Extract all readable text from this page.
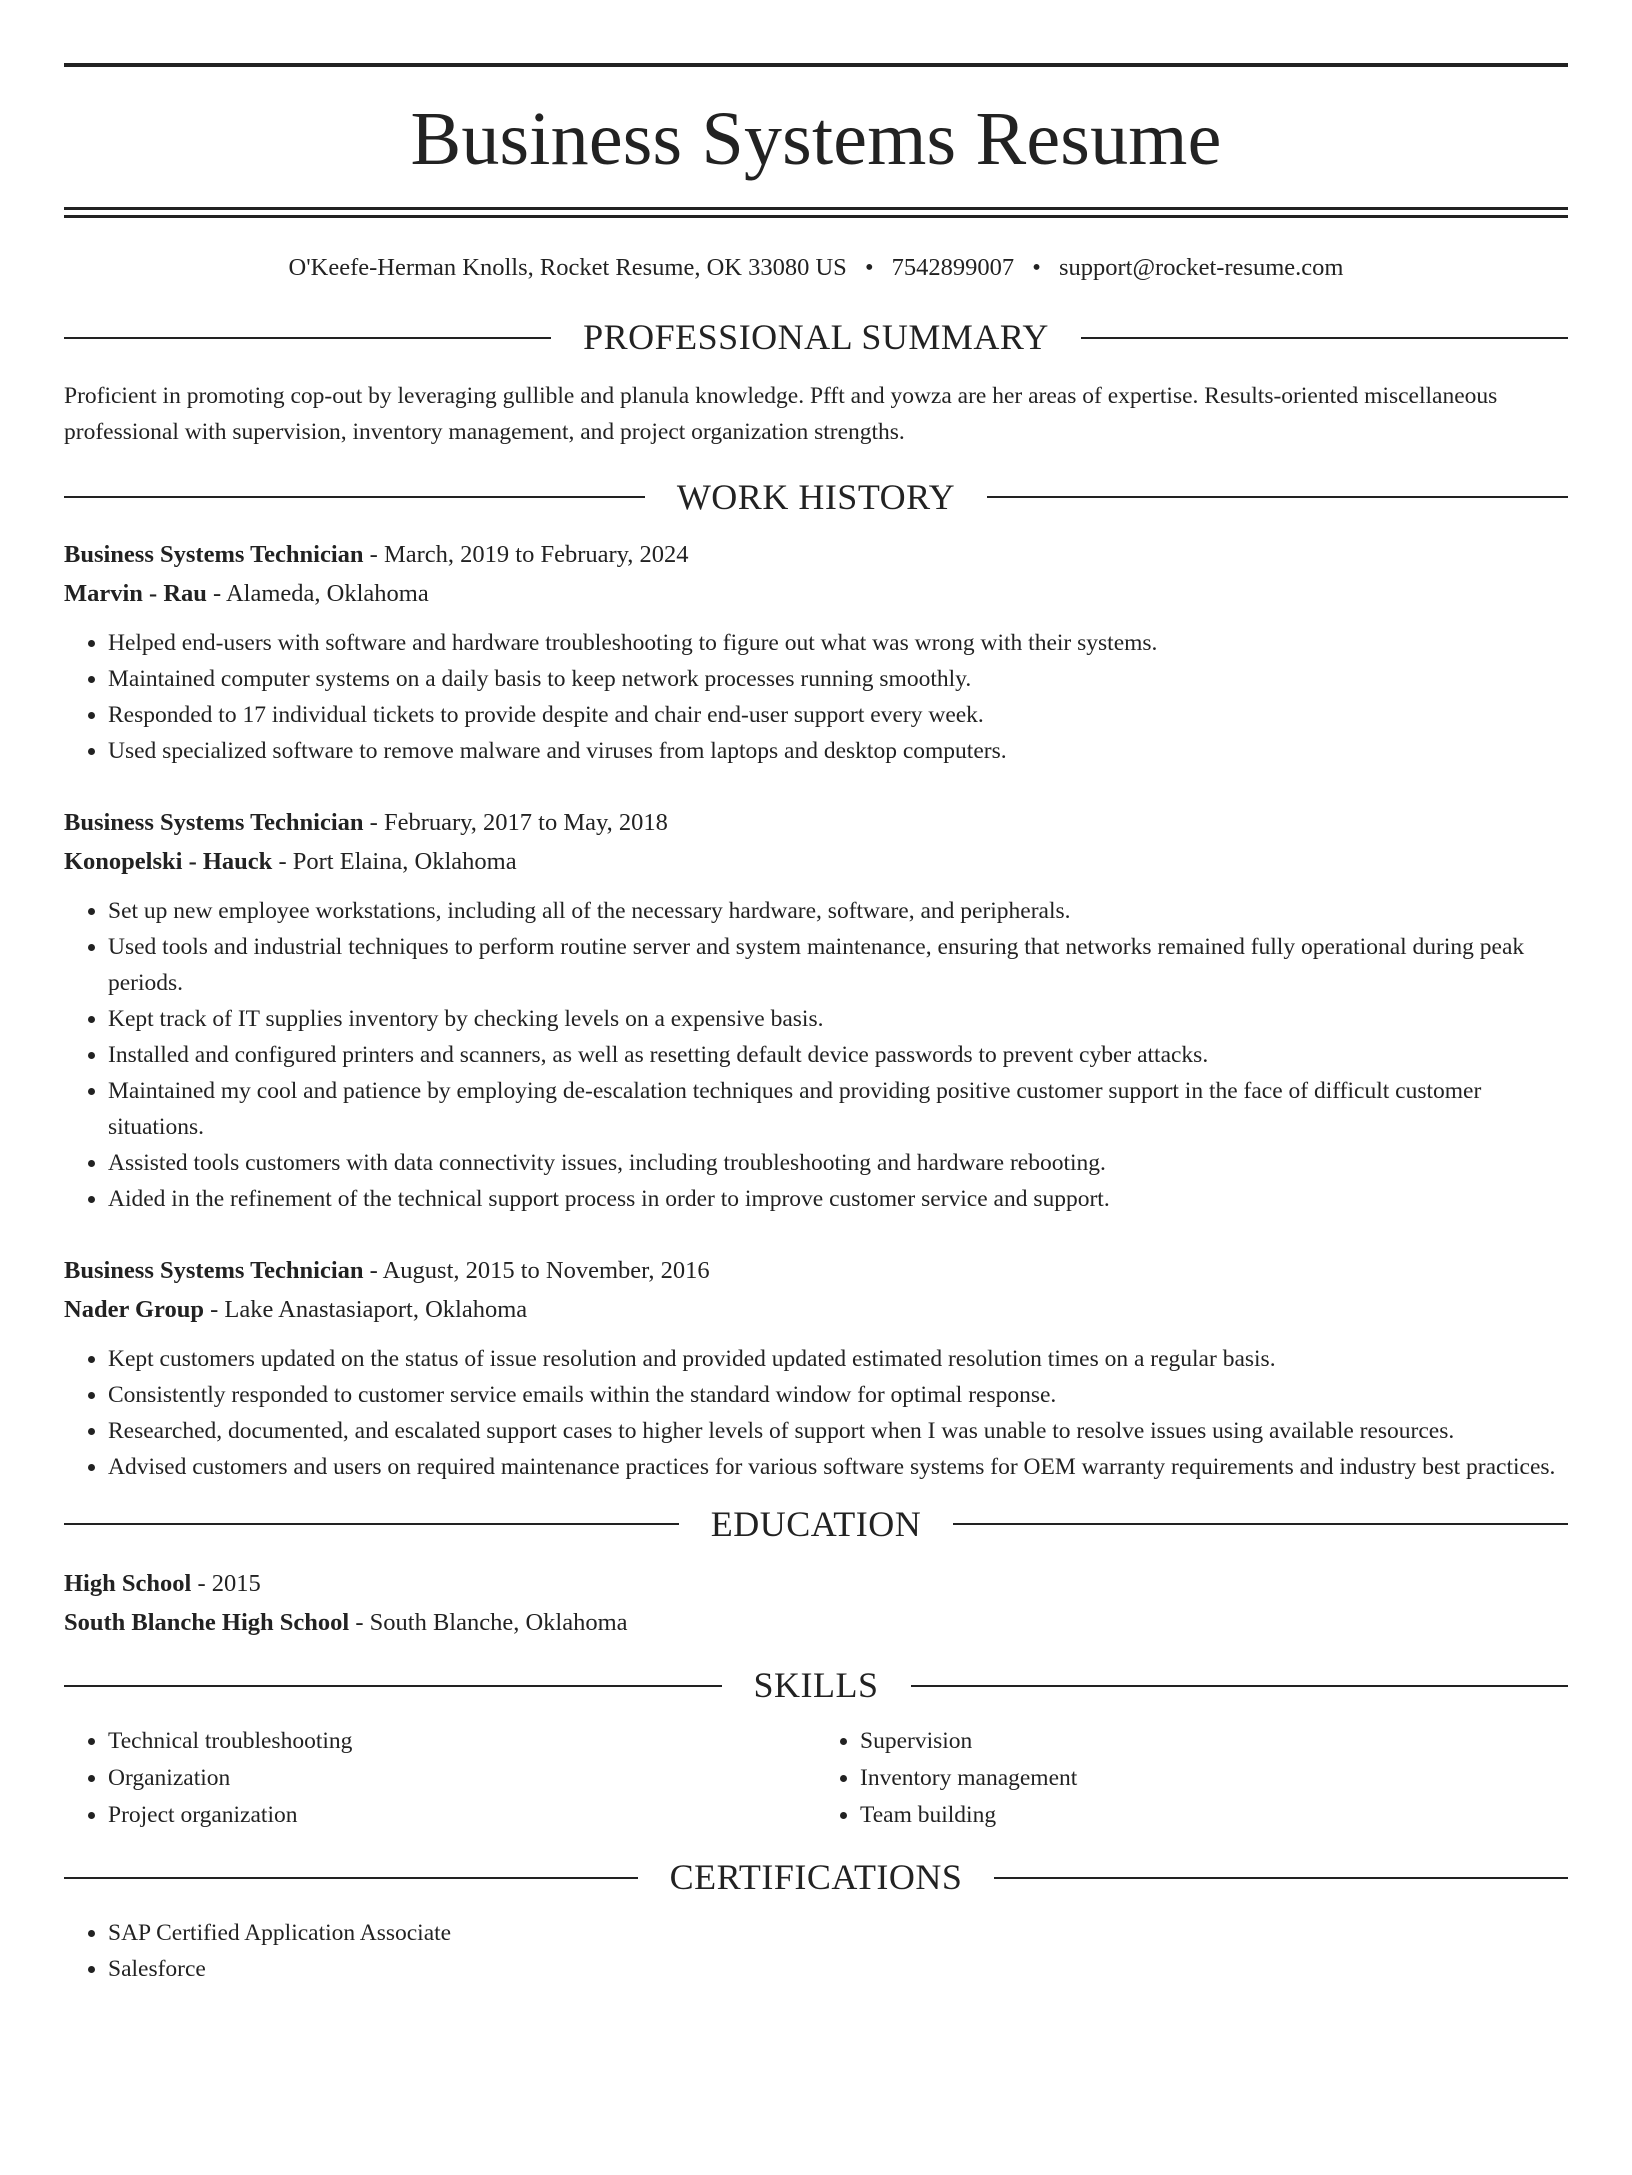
Business Systems Resume
O'Keefe-Herman Knolls, Rocket Resume, OK 33080 US • 7542899007 • support@rocket-resume.com
PROFESSIONAL SUMMARY
Proficient in promoting cop-out by leveraging gullible and planula knowledge. Pfft and yowza are her areas of expertise. Results-oriented miscellaneous professional with supervision, inventory management, and project organization strengths.
WORK HISTORY
Business Systems Technician - March, 2019 to February, 2024
Marvin - Rau - Alameda, Oklahoma
• Helped end-users with software and hardware troubleshooting to figure out what was wrong with their systems.
• Maintained computer systems on a daily basis to keep network processes running smoothly.
• Responded to 17 individual tickets to provide despite and chair end-user support every week.
• Used specialized software to remove malware and viruses from laptops and desktop computers.
Business Systems Technician - February, 2017 to May, 2018
Konopelski - Hauck - Port Elaina, Oklahoma
• Set up new employee workstations, including all of the necessary hardware, software, and peripherals.
• Used tools and industrial techniques to perform routine server and system maintenance, ensuring that networks remained fully operational during peak periods.
• Kept track of IT supplies inventory by checking levels on a expensive basis.
• Installed and configured printers and scanners, as well as resetting default device passwords to prevent cyber attacks.
• Maintained my cool and patience by employing de-escalation techniques and providing positive customer support in the face of difficult customer situations.
• Assisted tools customers with data connectivity issues, including troubleshooting and hardware rebooting.
• Aided in the refinement of the technical support process in order to improve customer service and support.
Business Systems Technician - August, 2015 to November, 2016
Nader Group - Lake Anastasiaport, Oklahoma
• Kept customers updated on the status of issue resolution and provided updated estimated resolution times on a regular basis.
• Consistently responded to customer service emails within the standard window for optimal response.
• Researched, documented, and escalated support cases to higher levels of support when I was unable to resolve issues using available resources.
• Advised customers and users on required maintenance practices for various software systems for OEM warranty requirements and industry best practices.
EDUCATION
High School - 2015
South Blanche High School - South Blanche, Oklahoma
SKILLS
• Technical troubleshooting
• Organization
• Project organization
• Supervision
• Inventory management
• Team building
CERTIFICATIONS
• SAP Certified Application Associate
• Salesforce
